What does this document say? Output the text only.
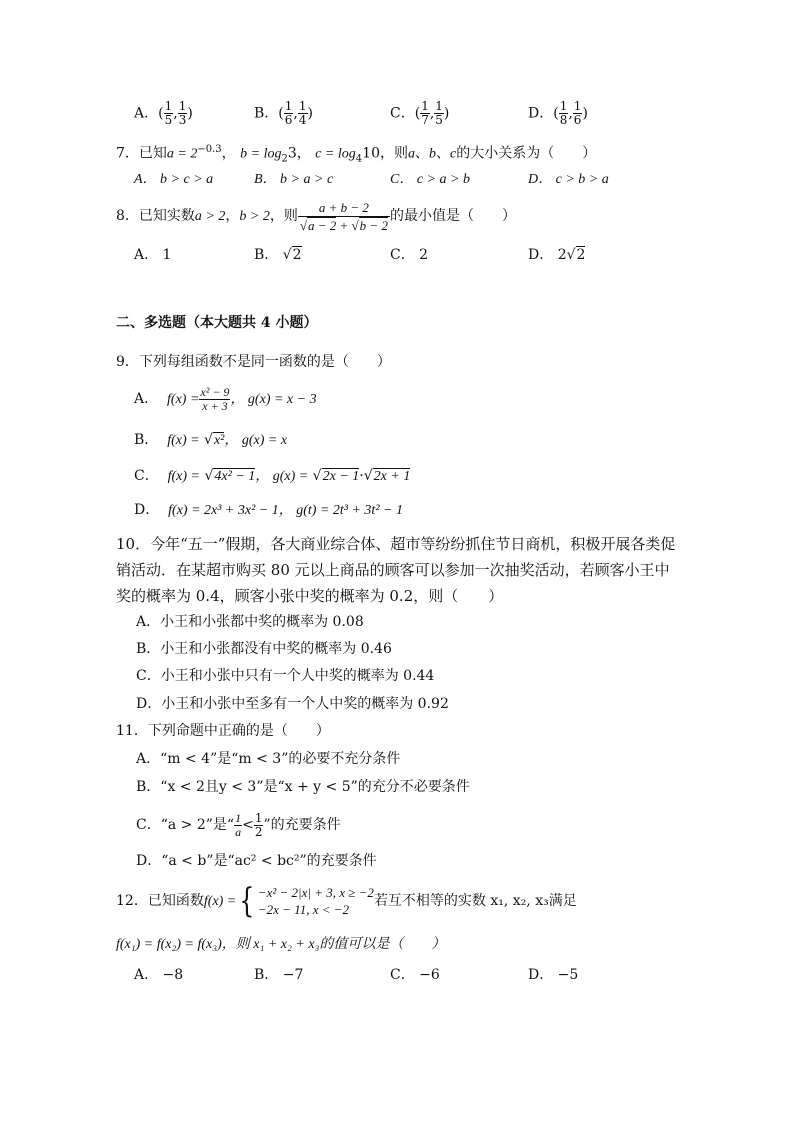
A．( $\frac{1}{5}$ , $\frac{1}{3}$ )	B．( $\frac{1}{6}$ , $\frac{1}{4}$ )	C．( $\frac{1}{7}$ , $\frac{1}{5}$ )	D．( $\frac{1}{8}$ , $\frac{1}{6}$ )
7．已知$a = 2^{-0.3}$， $b = \log_23$， $c = \log_410$，则a、b、c的大小关系为（　　）
A． b > c > a	B． b > a > c	C． c > a > b	D． c > b > a
8．已知实数a > 2，b > 2，则 $\frac{a + b - 2}{√a - 2 + √b - 2}$ 的最小值是（　　）
A． 1	B． √2	C． 2	D． 2√2
二、多选题（本大题共 4 小题）
9．下列每组函数不是同一函数的是（　　）
A． $f(x) = \frac{\text{x² − 9}}{x + 3}$ ， g(x) = x − 3
B． f(x) = √x²， g(x) = x
C． f(x) = √4x² − 1， g(x) = √2x − 1·√2x + 1
D． f(x) = 2x³ + 3x² − 1， g(t) = 2t³ + 3t² − 1
10．今年“五一”假期，各大商业综合体、超市等纷纷抓住节日商机，积极开展各类促
销活动．在某超市购买 80 元以上商品的顾客可以参加一次抽奖活动，若顾客小王中
奖的概率为 0.4，顾客小张中奖的概率为 0.2，则（　　）
A．小王和小张都中奖的概率为 0.08
B．小王和小张都没有中奖的概率为 0.46
C．小王和小张中只有一个人中奖的概率为 0.44
D．小王和小张中至多有一个人中奖的概率为 0.92
11．下列命题中正确的是（　　）
A．“m < 4”是“m < 3”的必要不充分条件
B．“x < 2且y < 3”是“x + y < 5”的充分不必要条件
C．“a > 2”是“ $\frac{1}{a} < \frac{1}{2}$ ”的充要条件
D．“a < b”是“ac² < bc²”的充要条件
12．已知函数f(x) ={ −x² − 2|x| + 3, x ≥ −2
−2x − 11, x < −2
若互不相等的实数 x₁, x₂, x₃满足
f(x₁) = f(x₂) = f(x₃)，则 x₁ + x₂ + x₃的值可以是（　　）
A． −8	B． −7	C． −6	D． −5
